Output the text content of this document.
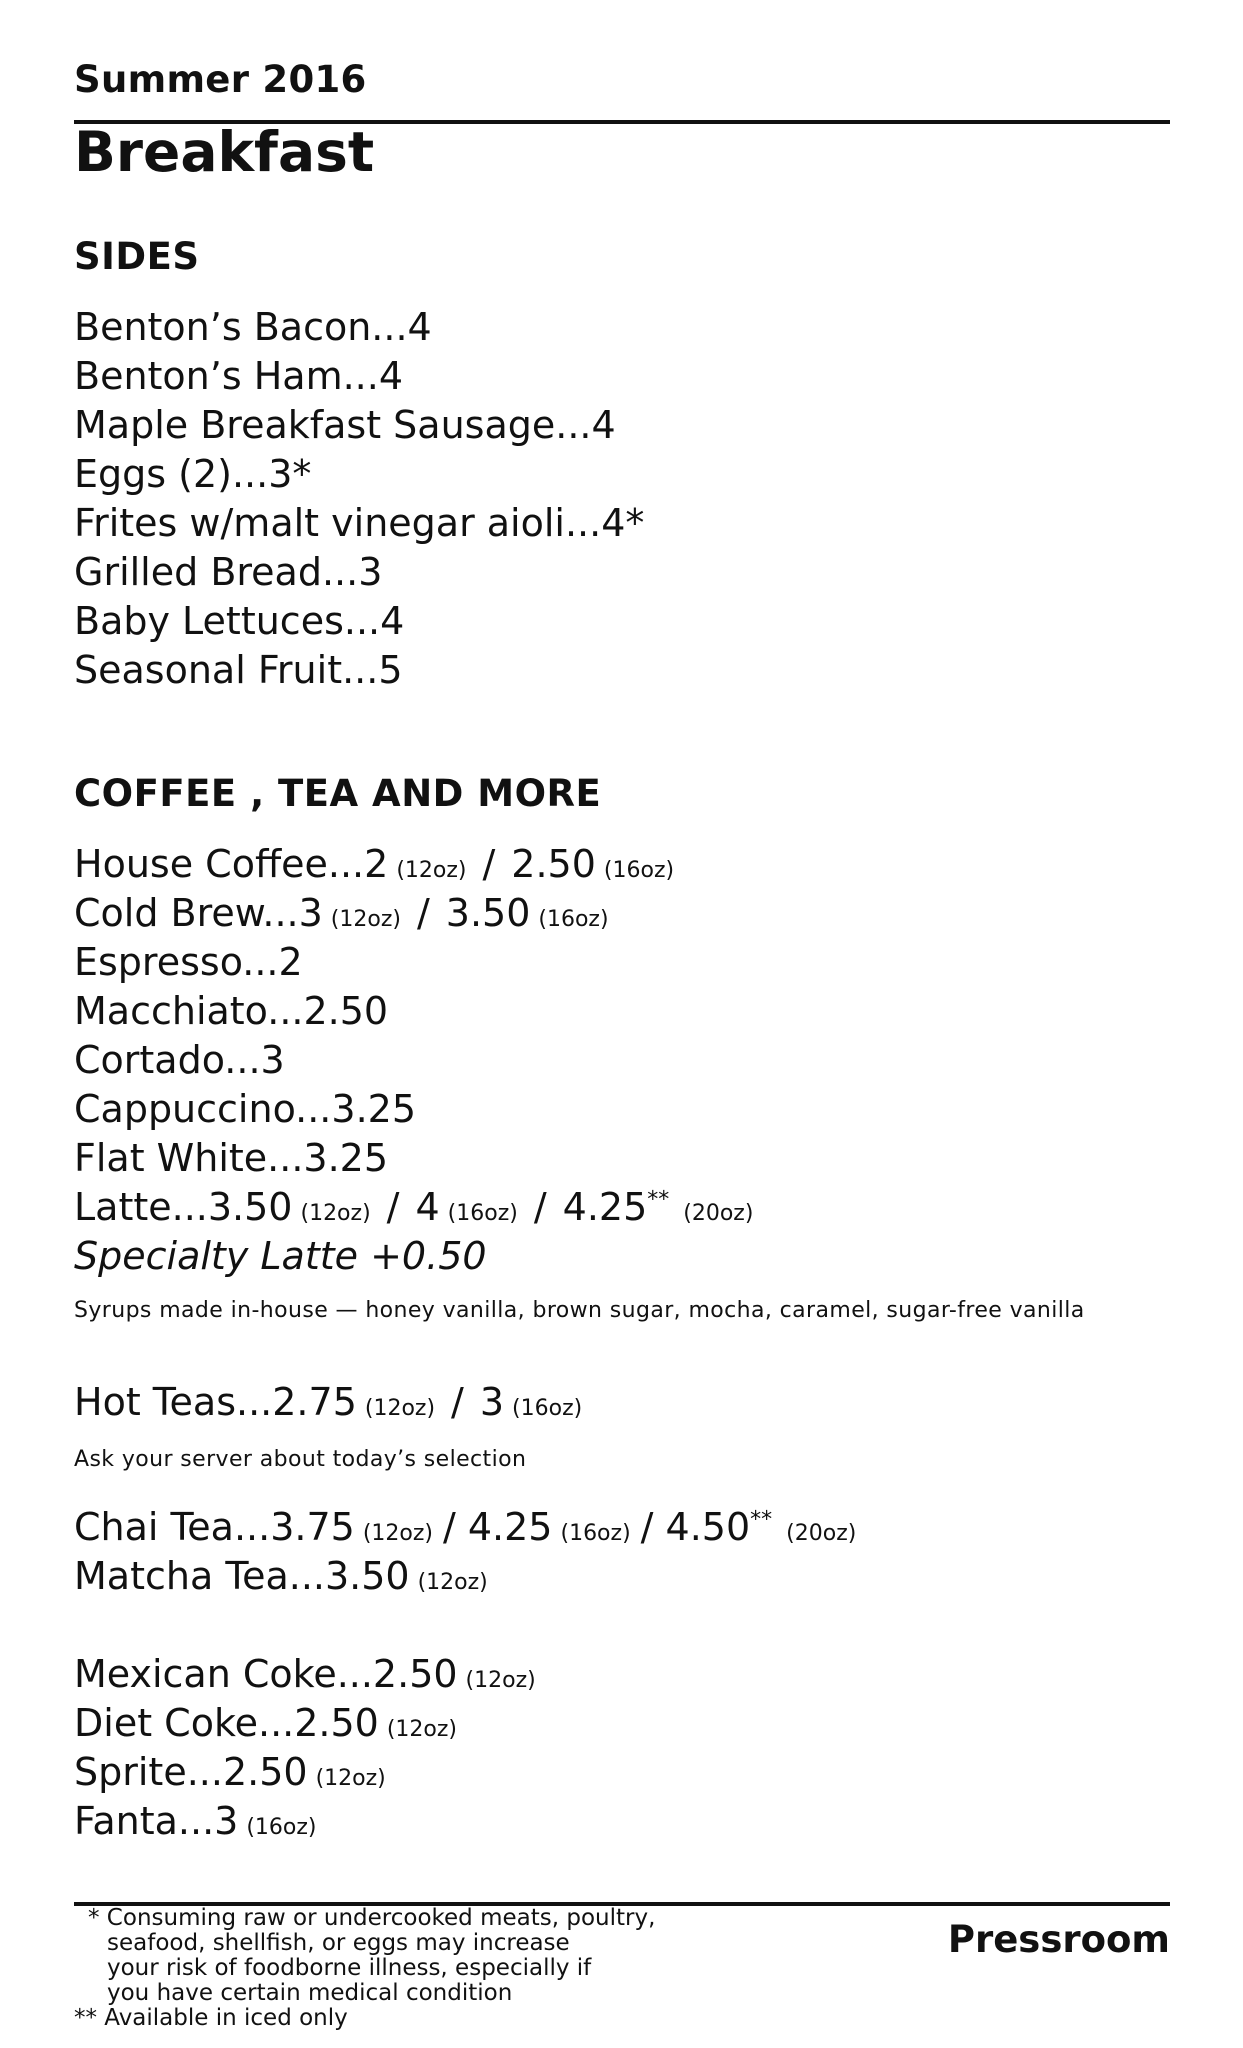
Summer 2016
Breakfast
SIDES
Benton’s Bacon...4
Benton’s Ham...4
Maple Breakfast Sausage...4
Eggs (2)...3*
Frites w/malt vinegar aioli...4*
Grilled Bread...3
Baby Lettuces...4
Seasonal Fruit...5
COFFEE , TEA AND MORE
House Coffee...2 (12oz) / 2.50 (16oz)
Cold Brew...3 (12oz) / 3.50 (16oz)
Espresso...2
Macchiato...2.50
Cortado...3
Cappuccino...3.25
Flat White...3.25
Latte...3.50 (12oz) / 4 (16oz) / 4.25**(20oz)
Specialty Latte +0.50
Syrups made in-house — honey vanilla, brown sugar, mocha, caramel, sugar-free vanilla
Hot Teas...2.75 (12oz) / 3 (16oz)
Ask your server about today’s selection
Chai Tea...3.75 (12oz) / 4.25 (16oz) / 4.50**(20oz)
Matcha Tea...3.50 (12oz)
Mexican Coke...2.50 (12oz)
Diet Coke...2.50 (12oz)
Sprite...2.50 (12oz)
Fanta...3 (16oz)
* Consuming raw or undercooked meats, poultry,
seafood, shellfish, or eggs may increase
your risk of foodborne illness, especially if
you have certain medical condition
** Available in iced only
Pressroom
